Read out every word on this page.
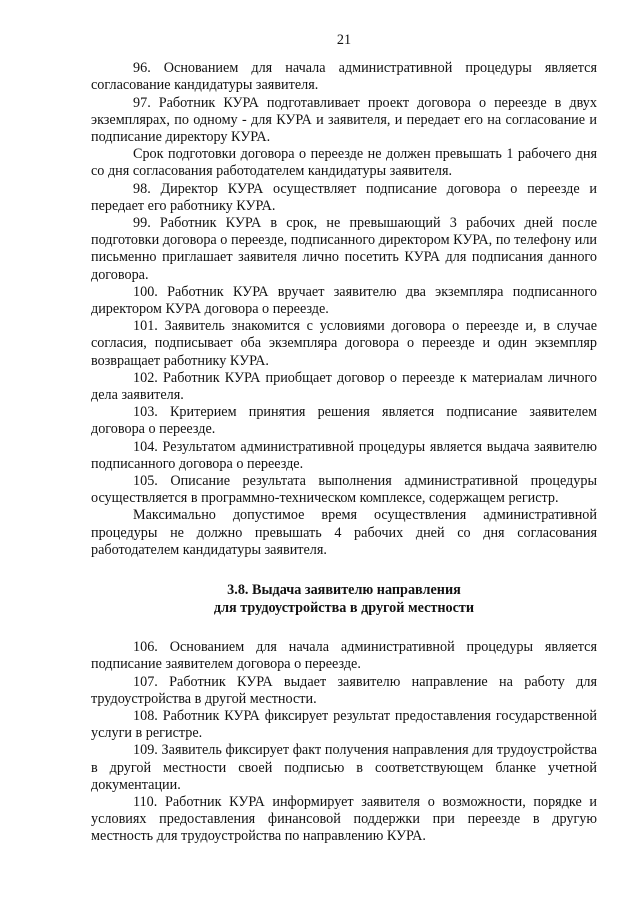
21

96. Основанием для начала административной процедуры является согласование кандидатуры заявителя.

97. Работник КУРА подготавливает проект договора о переезде в двух экземплярах, по одному - для КУРА и заявителя, и передает его на согласование и подписание директору КУРА.

Срок подготовки договора о переезде не должен превышать 1 рабочего дня со дня согласования работодателем кандидатуры заявителя.

98. Директор КУРА осуществляет подписание договора о переезде и передает его работнику КУРА.

99. Работник КУРА в срок, не превышающий 3 рабочих дней после подготовки договора о переезде, подписанного директором КУРА, по телефону или письменно приглашает заявителя лично посетить КУРА для подписания данного договора.

100. Работник КУРА вручает заявителю два экземпляра подписанного директором КУРА договора о переезде.

101. Заявитель знакомится с условиями договора о переезде и, в случае согласия, подписывает оба экземпляра договора о переезде и один экземпляр возвращает работнику КУРА.

102. Работник КУРА приобщает договор о переезде к материалам личного дела заявителя.

103. Критерием принятия решения является подписание заявителем договора о переезде.

104. Результатом административной процедуры является выдача заявителю подписанного договора о переезде.

105. Описание результата выполнения административной процедуры осуществляется в программно-техническом комплексе, содержащем регистр.

Максимально допустимое время осуществления административной процедуры не должно превышать 4 рабочих дней со дня согласования работодателем кандидатуры заявителя.

3.8. Выдача заявителю направления
для трудоустройства в другой местности

106. Основанием для начала административной процедуры является подписание заявителем договора о переезде.

107. Работник КУРА выдает заявителю направление на работу для трудоустройства в другой местности.

108. Работник КУРА фиксирует результат предоставления государственной услуги в регистре.

109. Заявитель фиксирует факт получения направления для трудоустройства в другой местности своей подписью в соответствующем бланке учетной документации.

110. Работник КУРА информирует заявителя о возможности, порядке и условиях предоставления финансовой поддержки при переезде в другую местность для трудоустройства по направлению КУРА.
